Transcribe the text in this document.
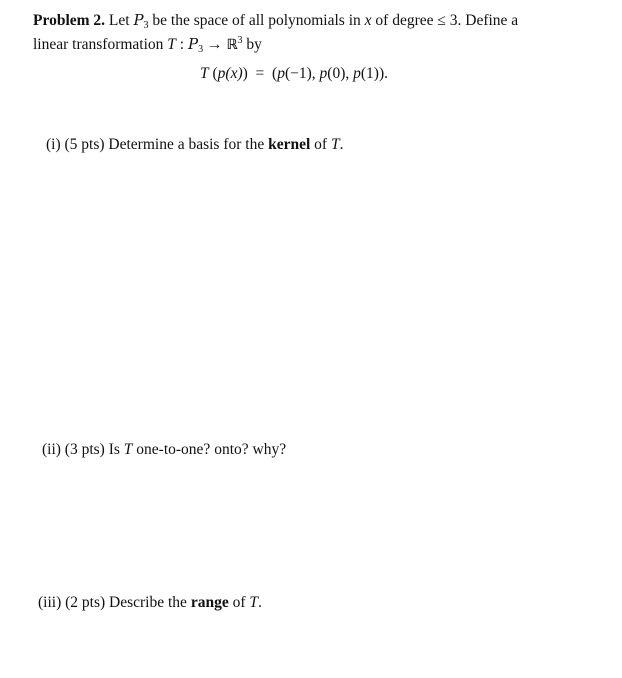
Problem 2. Let $P_3$ be the space of all polynomials in x of degree ≤ 3. Define a
linear transformation T : $P_3$ → ℝ$^3$ by
T (p(x)) = (p(−1), p(0), p(1)).
(i) (5 pts) Determine a basis for the kernel of T.
(ii) (3 pts) Is T one-to-one? onto? why?
(iii) (2 pts) Describe the range of T.
